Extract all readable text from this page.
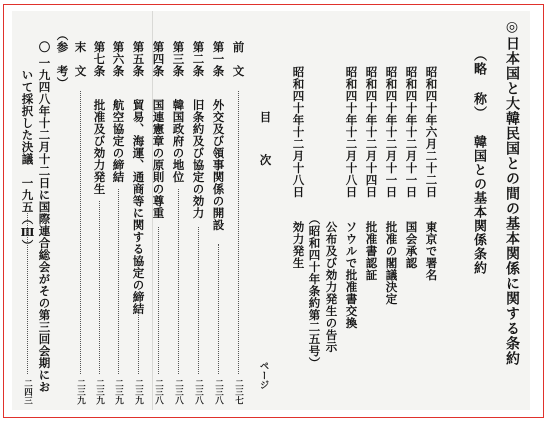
◎日本国と大韓民国との間の基本関係に関する条約
（略称）
韓国との基本関係条約
昭和四十年六月二十二日
昭和四十年十二月十一日
昭和四十年十二月十一日
昭和四十年十二月十四日
昭和四十年十二月十八日
昭和四十年十二月十八日
東京で署名
国会承認
批准の閣議決定
批准書認証
ソウルで批准書交換
公布及び効力発生の告示
（昭和四十年条約第二五号）
効力発生
目　次
ページ
前　文
二三七
第一条
外交及び領事関係の開設
二三八
第二条
旧条約及び協定の効力
二三八
第三条
韓国政府の地位
二三八
第四条
国連憲章の原則の尊重
二三八
第五条
貿易、海運、通商等に関する協定の締結
二三九
第六条
航空協定の締結
二三九
第七条
批准及び効力発生
二三九
末　文
二三九
（参　考）
〇
一九四八年十二月十二日に国際連合総会がその第三回会期にお
いて採択した決議　一九五（Ⅲ）
二四三
